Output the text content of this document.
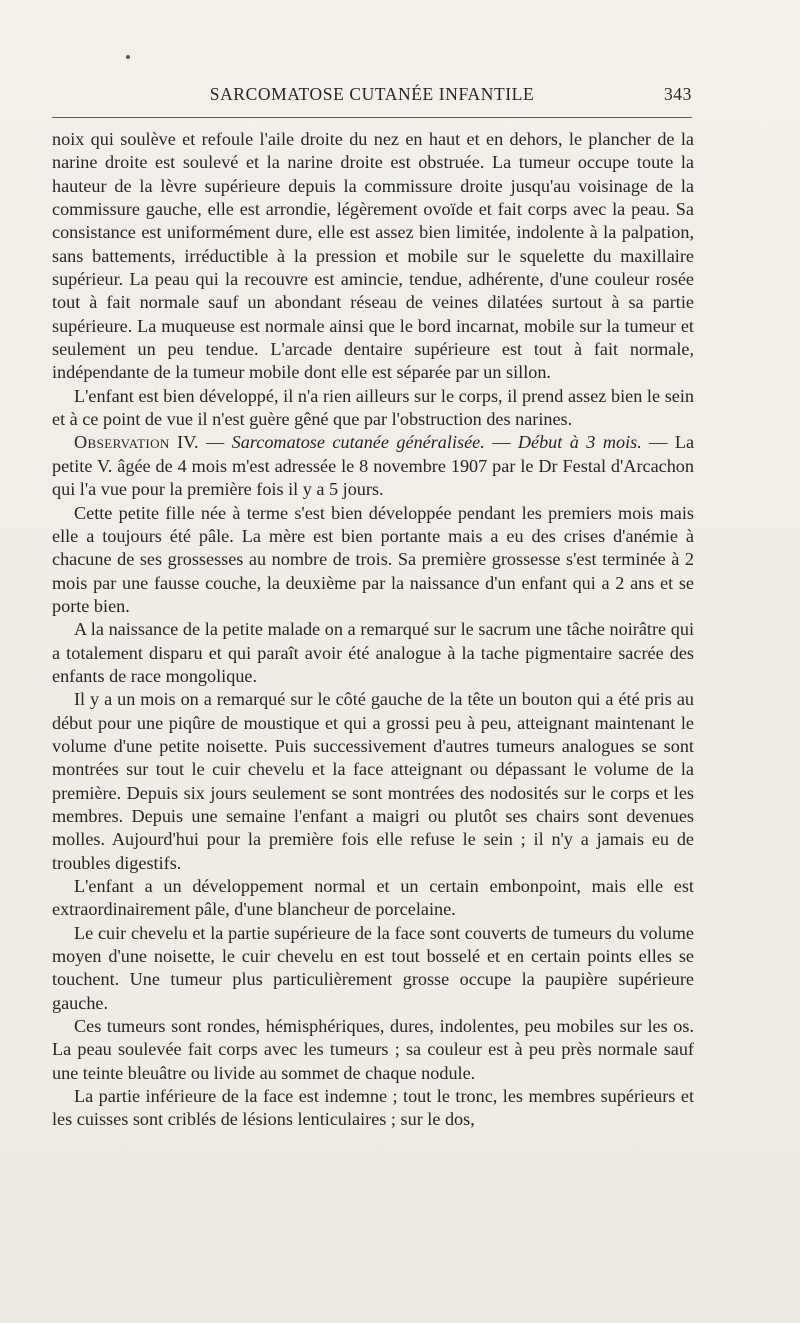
SARCOMATOSE CUTANÉE INFANTILE	343

noix qui soulève et refoule l'aile droite du nez en haut et en dehors, le plancher de la narine droite est soulevé et la narine droite est obstruée. La tumeur occupe toute la hauteur de la lèvre supérieure depuis la commissure droite jusqu'au voisinage de la commissure gauche, elle est arrondie, légèrement ovoïde et fait corps avec la peau. Sa consistance est uniformément dure, elle est assez bien limitée, indolente à la palpation, sans battements, irréductible à la pression et mobile sur le squelette du maxillaire supérieur. La peau qui la recouvre est amincie, tendue, adhérente, d'une couleur rosée tout à fait normale sauf un abondant réseau de veines dilatées surtout à sa partie supérieure. La muqueuse est normale ainsi que le bord incarnat, mobile sur la tumeur et seulement un peu tendue. L'arcade dentaire supérieure est tout à fait normale, indépendante de la tumeur mobile dont elle est séparée par un sillon.

L'enfant est bien développé, il n'a rien ailleurs sur le corps, il prend assez bien le sein et à ce point de vue il n'est guère gêné que par l'obstruction des narines.

Observation IV. — Sarcomatose cutanée généralisée. — Début à 3 mois. — La petite V. âgée de 4 mois m'est adressée le 8 novembre 1907 par le Dr Festal d'Arcachon qui l'a vue pour la première fois il y a 5 jours.

Cette petite fille née à terme s'est bien développée pendant les premiers mois mais elle a toujours été pâle. La mère est bien portante mais a eu des crises d'anémie à chacune de ses grossesses au nombre de trois. Sa première grossesse s'est terminée à 2 mois par une fausse couche, la deuxième par la naissance d'un enfant qui a 2 ans et se porte bien.

A la naissance de la petite malade on a remarqué sur le sacrum une tâche noirâtre qui a totalement disparu et qui paraît avoir été analogue à la tache pigmentaire sacrée des enfants de race mongolique.

Il y a un mois on a remarqué sur le côté gauche de la tête un bouton qui a été pris au début pour une piqûre de moustique et qui a grossi peu à peu, atteignant maintenant le volume d'une petite noisette. Puis successivement d'autres tumeurs analogues se sont montrées sur tout le cuir chevelu et la face atteignant ou dépassant le volume de la première. Depuis six jours seulement se sont montrées des nodosités sur le corps et les membres. Depuis une semaine l'enfant a maigri ou plutôt ses chairs sont devenues molles. Aujourd'hui pour la première fois elle refuse le sein ; il n'y a jamais eu de troubles digestifs.

L'enfant a un développement normal et un certain embonpoint, mais elle est extraordinairement pâle, d'une blancheur de porcelaine.

Le cuir chevelu et la partie supérieure de la face sont couverts de tumeurs du volume moyen d'une noisette, le cuir chevelu en est tout bosselé et en certain points elles se touchent. Une tumeur plus particulièrement grosse occupe la paupière supérieure gauche.

Ces tumeurs sont rondes, hémisphériques, dures, indolentes, peu mobiles sur les os. La peau soulevée fait corps avec les tumeurs ; sa couleur est à peu près normale sauf une teinte bleuâtre ou livide au sommet de chaque nodule.

La partie inférieure de la face est indemne ; tout le tronc, les membres supérieurs et les cuisses sont criblés de lésions lenticulaires ; sur le dos,
